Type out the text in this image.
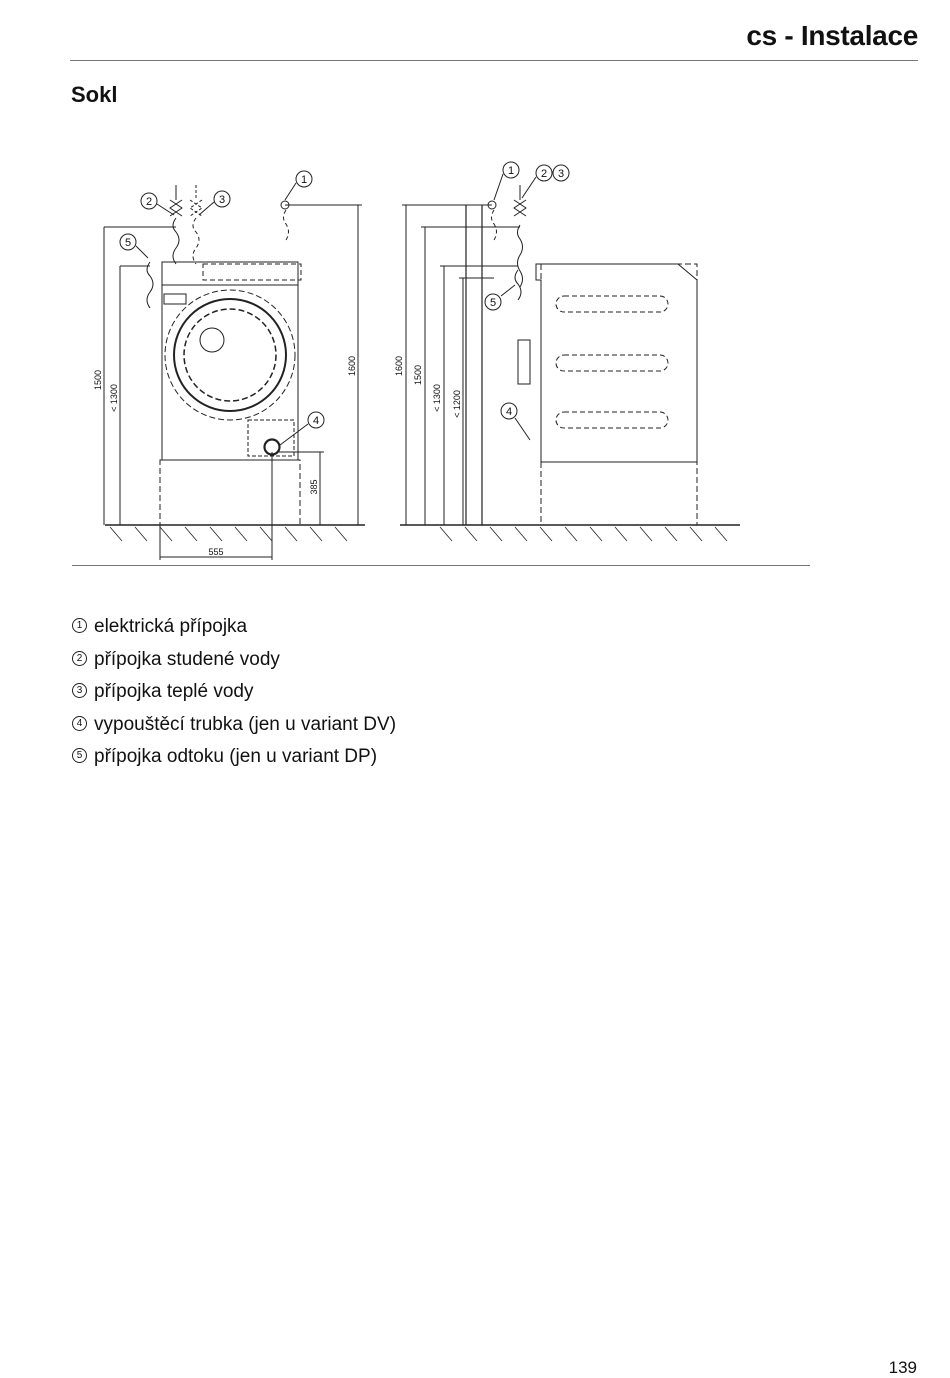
cs - Instalace
Sokl
1
2	3
4
5
1 2 3
4
5
1500
< 1300
1600
385
555
1600 1500
< 1300 < 1200
1 elektrická přípojka
2 přípojka studené vody
3 přípojka teplé vody
4 vypouštěcí trubka (jen u variant DV)
5 přípojka odtoku (jen u variant DP)
139
